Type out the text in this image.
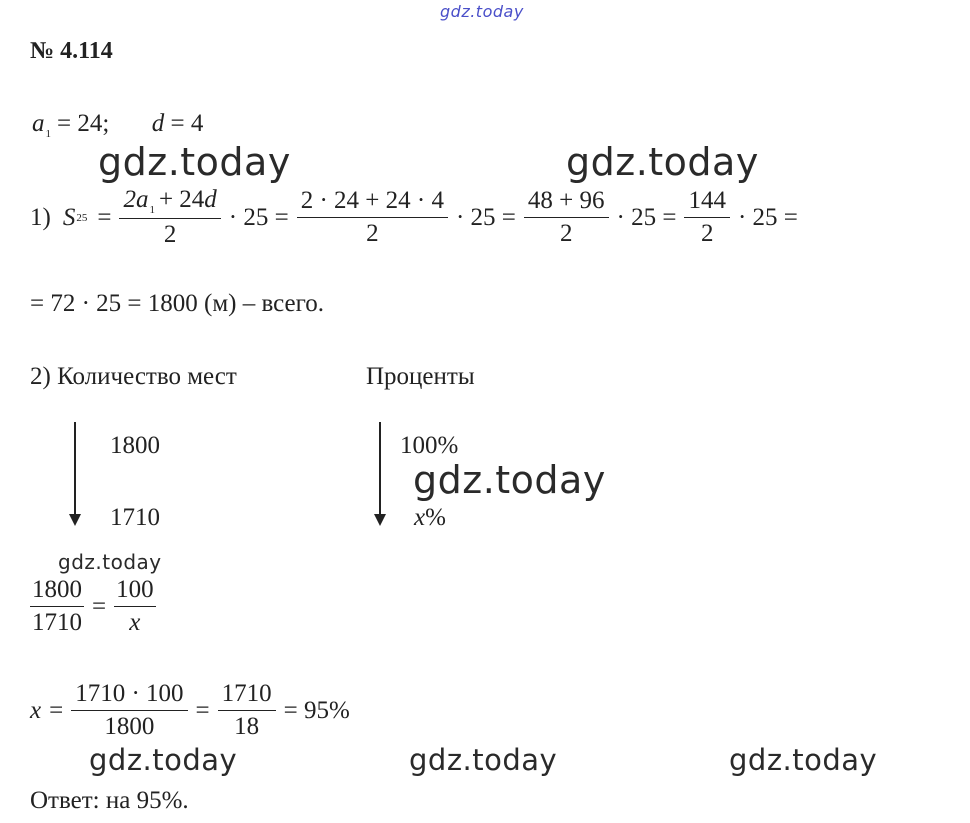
gdz.today
gdz.today	gdz.today
gdz.today
gdz.today
gdz.today	gdz.today	gdz.today
№ 4.114
$a_1 = 24$; d = 4
1) S $25 = \frac{2a_1 + 24d}{2} \cdot 25 = \frac{2 \cdot 24 + 24 \cdot 4}{2} \cdot 25 = \frac{48 + 96}{2} \cdot 25 = \frac{144}{2} \cdot 25$ =
= 72 · 25 = 1800 (м) – всего.
2) Количество мест	Проценты
1800
1710
100%
x%
$\frac{1800}{1710} = \frac{100}{x}$
$x = \frac{1710 \cdot 100}{1800} = \frac{1710}{18} = 95\%$
Ответ: на 95%.
